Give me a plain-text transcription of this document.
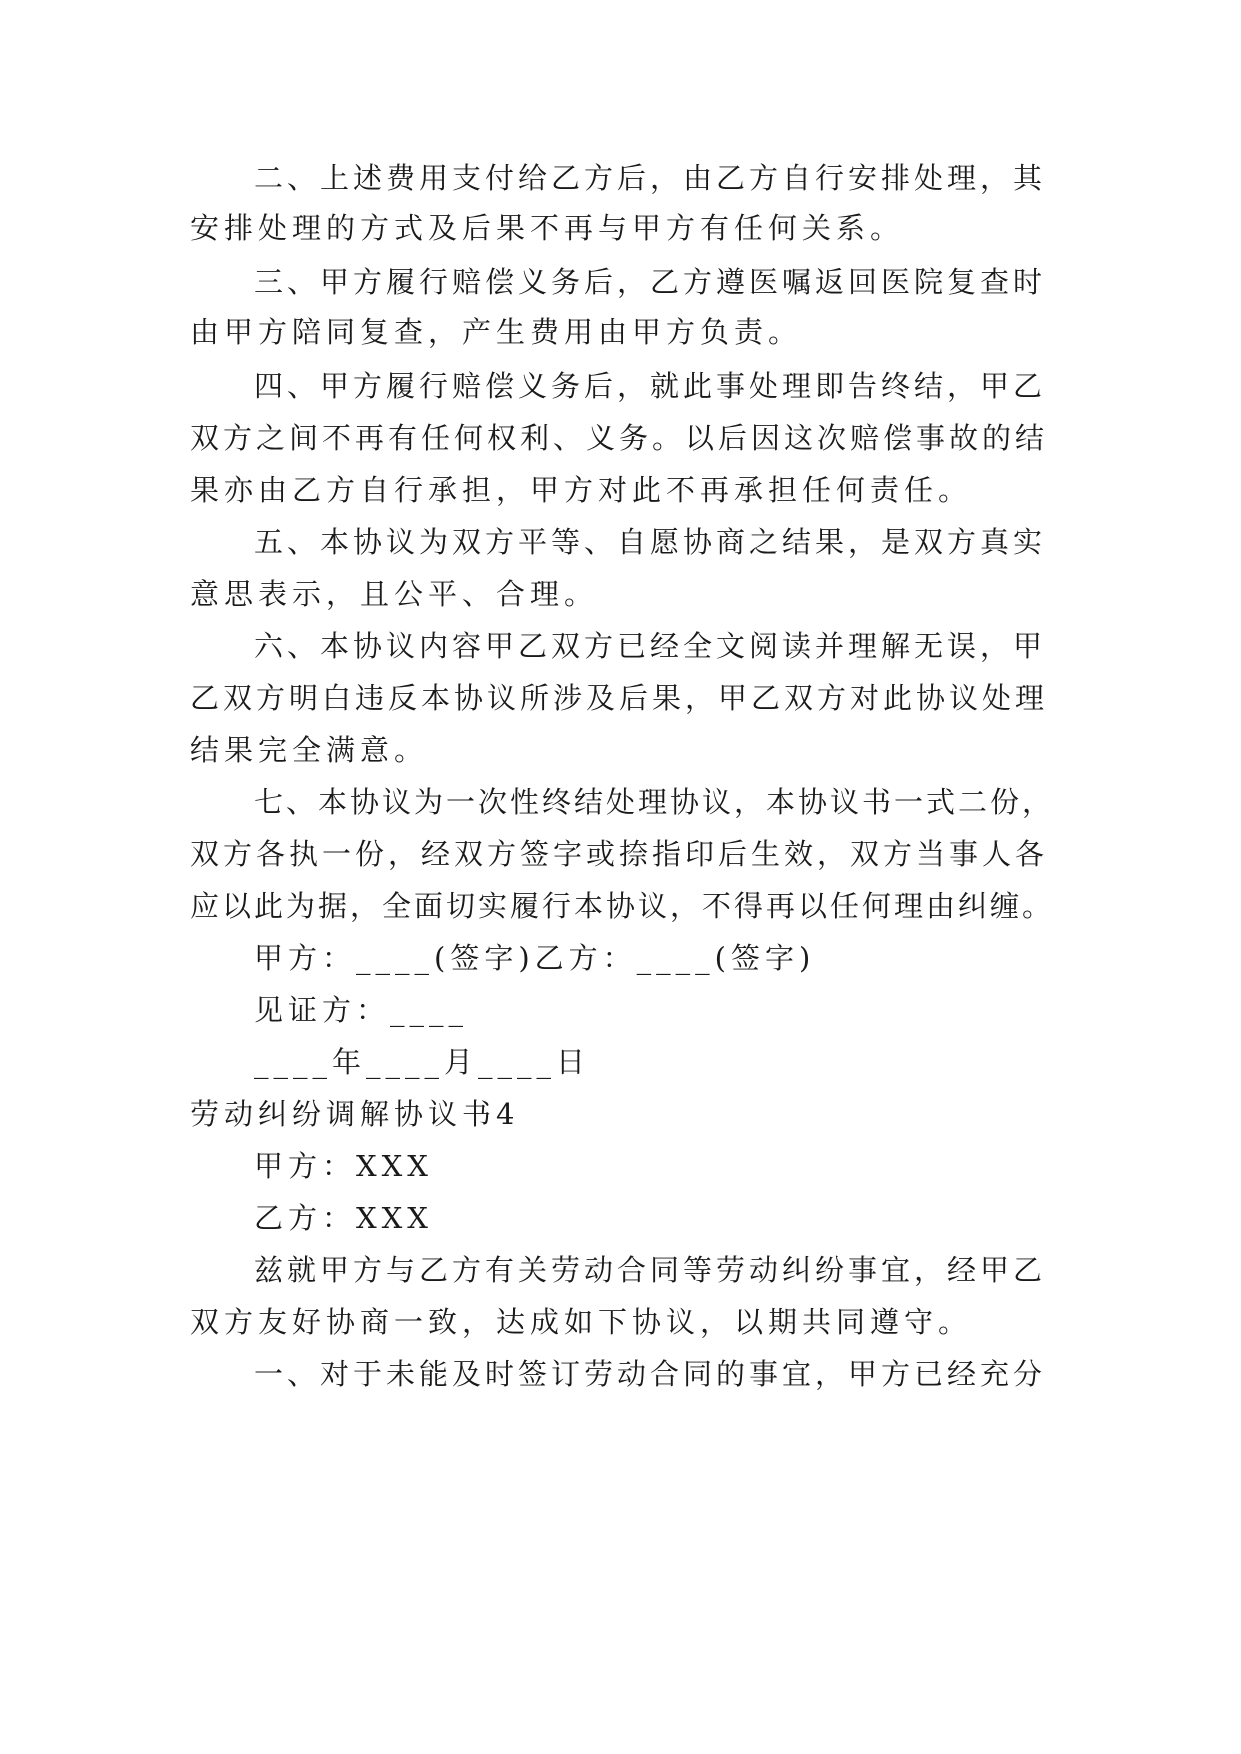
二、上述费用支付给乙方后，由乙方自行安排处理，其
安排处理的方式及后果不再与甲方有任何关系。
三、甲方履行赔偿义务后，乙方遵医嘱返回医院复查时
由甲方陪同复查，产生费用由甲方负责。
四、甲方履行赔偿义务后，就此事处理即告终结，甲乙
双方之间不再有任何权利、义务。以后因这次赔偿事故的结
果亦由乙方自行承担，甲方对此不再承担任何责任。
五、本协议为双方平等、自愿协商之结果，是双方真实
意思表示，且公平、合理。
六、本协议内容甲乙双方已经全文阅读并理解无误，甲
乙双方明白违反本协议所涉及后果，甲乙双方对此协议处理
结果完全满意。
七、本协议为一次性终结处理协议，本协议书一式二份，
双方各执一份，经双方签字或捺指印后生效，双方当事人各
应以此为据，全面切实履行本协议，不得再以任何理由纠缠。
甲方：____(签字)乙方：____(签字)
见证方：____
____年____月____日
劳动纠纷调解协议书4
甲方：XXX
乙方：XXX
兹就甲方与乙方有关劳动合同等劳动纠纷事宜，经甲乙
双方友好协商一致，达成如下协议，以期共同遵守。
一、对于未能及时签订劳动合同的事宜，甲方已经充分
